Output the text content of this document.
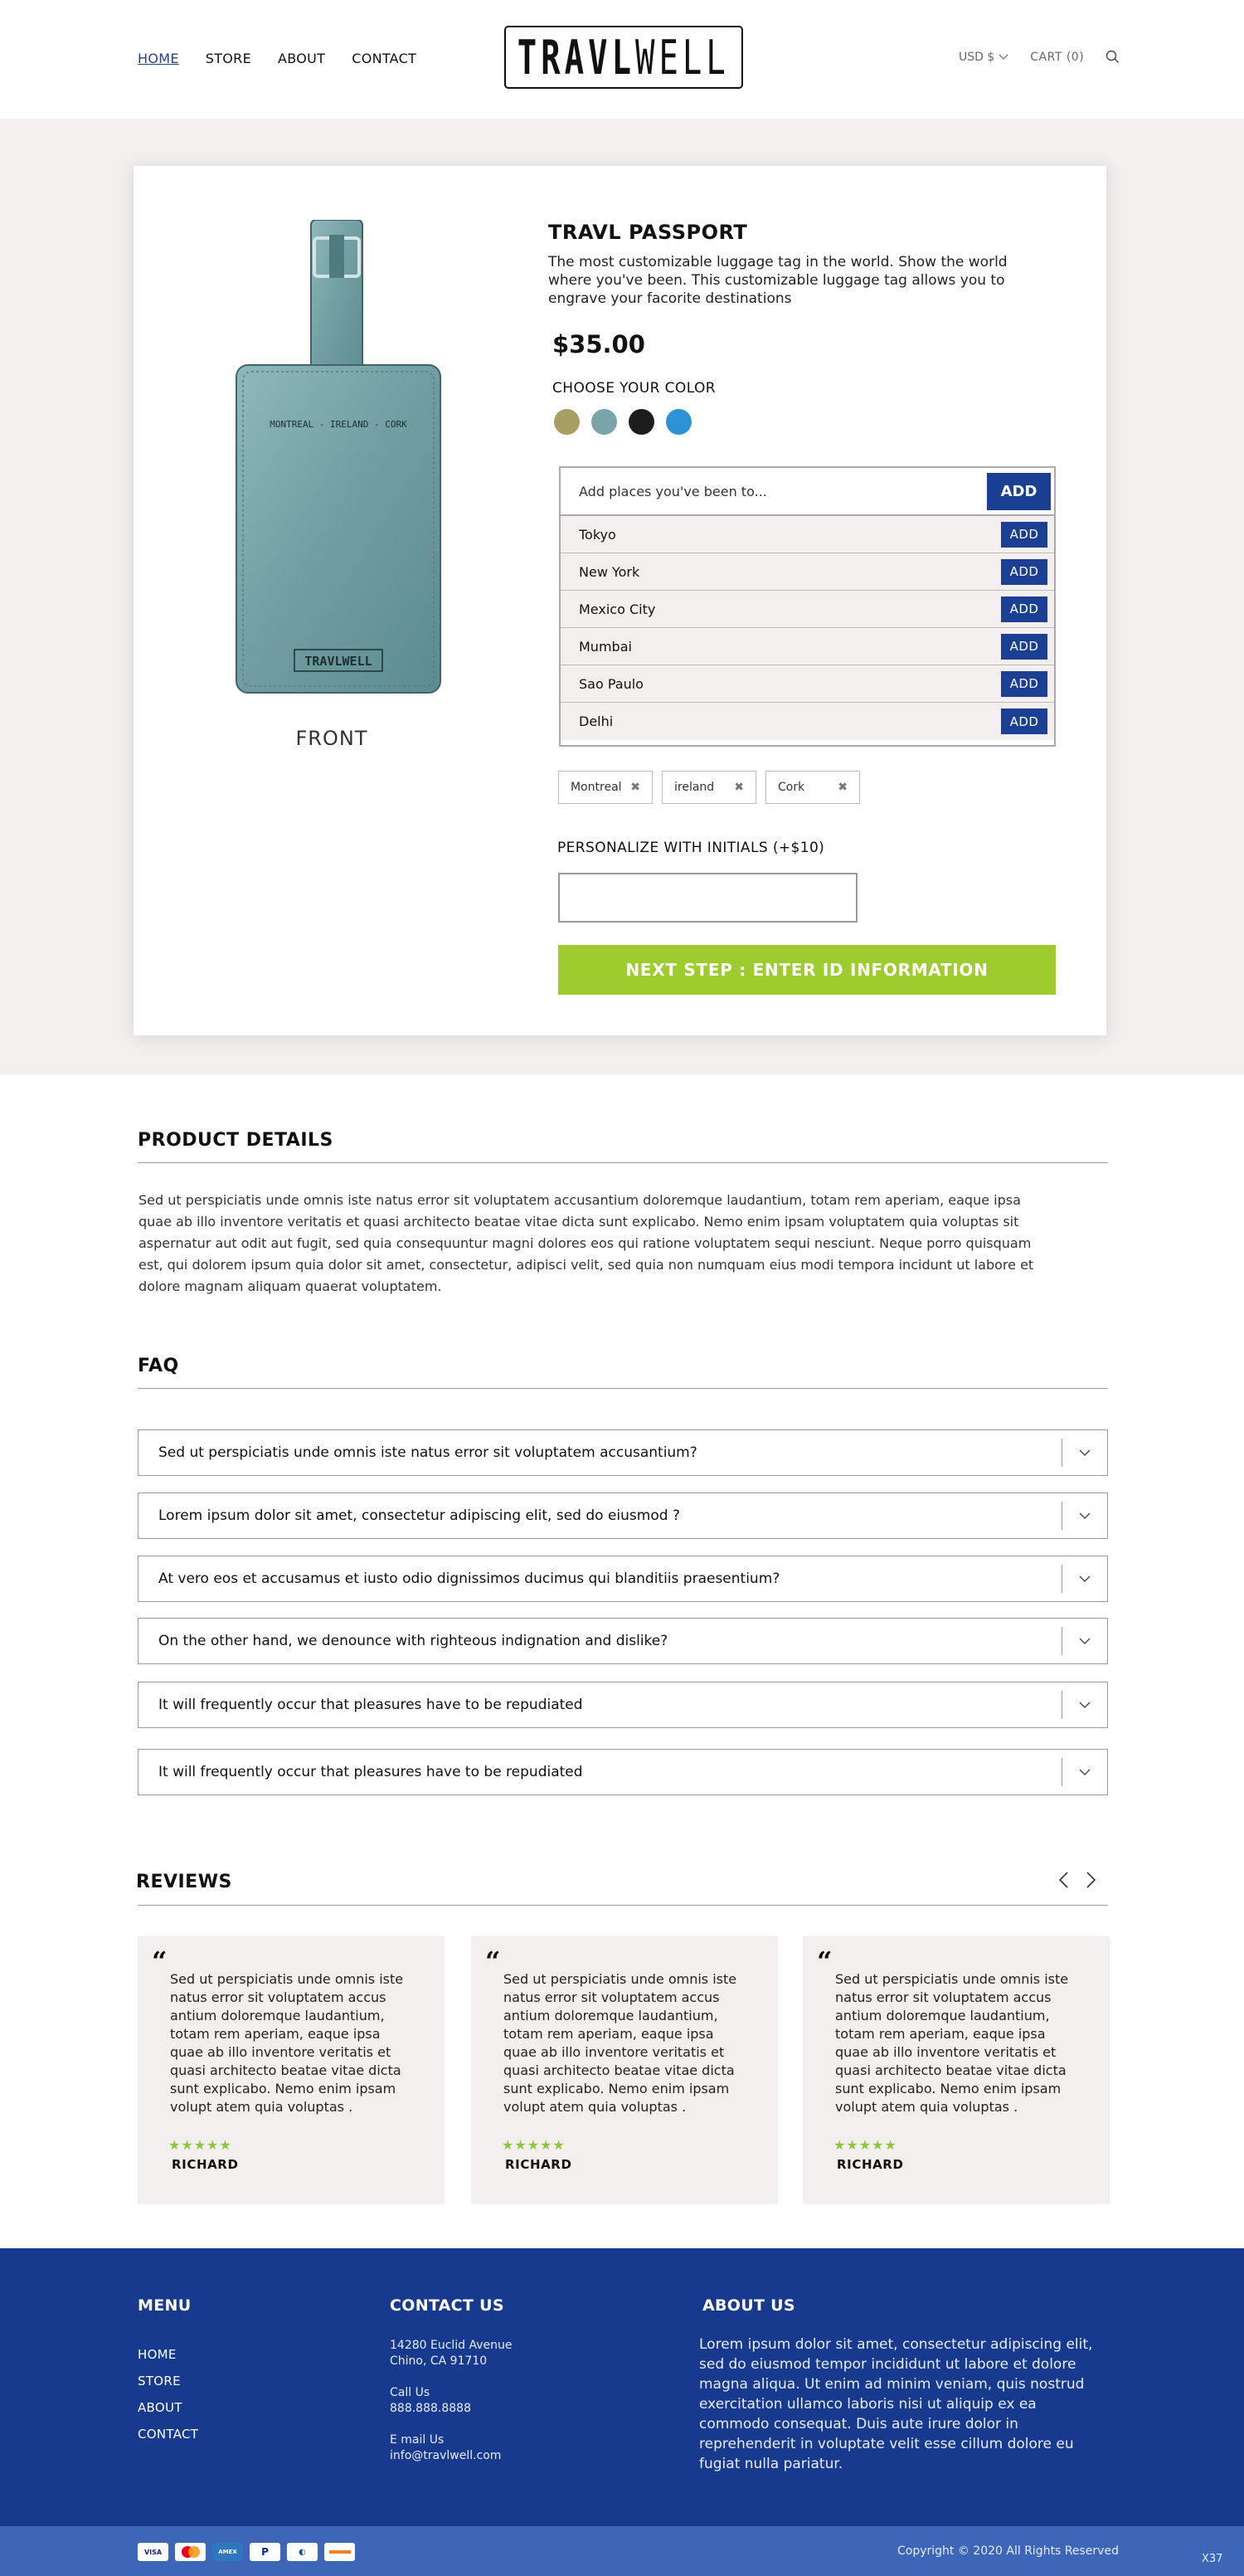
HOME STORE ABOUT CONTACT TRAVLWELL	USD $	CART (0)
MONTREAL - IRELAND - CORK
TRAVLWELL
FRONT
TRAVL PASSPORT

The most customizable luggage tag in the world. Show the world where you've been. This customizable luggage tag allows you to engrave your facorite destinations

$35.00
CHOOSE YOUR COLOR
Add places you've been to...
ADD
Tokyo	ADD
New York	ADD
Mexico City	ADD
Mumbai	ADD
Sao Paulo	ADD
Delhi	ADD
Montreal ✖	ireland ✖	Cork	✖
PERSONALIZE WITH INITIALS (+$10)
NEXT STEP : ENTER ID INFORMATION
PRODUCT DETAILS

Sed ut perspiciatis unde omnis iste natus error sit voluptatem accusantium doloremque laudantium, totam rem aperiam, eaque ipsa quae ab illo inventore veritatis et quasi architecto beatae vitae dicta sunt explicabo. Nemo enim ipsam voluptatem quia voluptas sit aspernatur aut odit aut fugit, sed quia consequuntur magni dolores eos qui ratione voluptatem sequi nesciunt. Neque porro quisquam est, qui dolorem ipsum quia dolor sit amet, consectetur, adipisci velit, sed quia non numquam eius modi tempora incidunt ut labore et dolore magnam aliquam quaerat voluptatem.

FAQ
Sed ut perspiciatis unde omnis iste natus error sit voluptatem accusantium?
Lorem ipsum dolor sit amet, consectetur adipiscing elit, sed do eiusmod ?
At vero eos et accusamus et iusto odio dignissimos ducimus qui blanditiis praesentium?
On the other hand, we denounce with righteous indignation and dislike?
It will frequently occur that pleasures have to be repudiated
It will frequently occur that pleasures have to be repudiated
REVIEWS
“

Sed ut perspiciatis unde omnis iste natus error sit voluptatem accus antium doloremque laudantium, totam rem aperiam, eaque ipsa quae ab illo inventore veritatis et quasi architecto beatae vitae dicta sunt explicabo. Nemo enim ipsam volupt atem quia voluptas .

★★★★★
RICHARD
“

Sed ut perspiciatis unde omnis iste natus error sit voluptatem accus antium doloremque laudantium, totam rem aperiam, eaque ipsa quae ab illo inventore veritatis et quasi architecto beatae vitae dicta sunt explicabo. Nemo enim ipsam volupt atem quia voluptas .

★★★★★
RICHARD
“

Sed ut perspiciatis unde omnis iste natus error sit voluptatem accus antium doloremque laudantium, totam rem aperiam, eaque ipsa quae ab illo inventore veritatis et quasi architecto beatae vitae dicta sunt explicabo. Nemo enim ipsam volupt atem quia voluptas .

★★★★★
RICHARD
MENU
HOME
STORE
ABOUT
CONTACT
CONTACT US
14280 Euclid Avenue
Chino, CA 91710
Call Us
888.888.8888
E mail Us
info@travlwell.com
ABOUT US

Lorem ipsum dolor sit amet, consectetur adipiscing elit, sed do eiusmod tempor incididunt ut labore et dolore magna aliqua. Ut enim ad minim veniam, quis nostrud exercitation ullamco laboris nisi ut aliquip ex ea commodo consequat. Duis aute irure dolor in reprehenderit in voluptate velit esse cillum dolore eu fugiat nulla pariatur.

VISA	AMEX	P	◐	Copyright © 2020 All Rights Reserved
X37
